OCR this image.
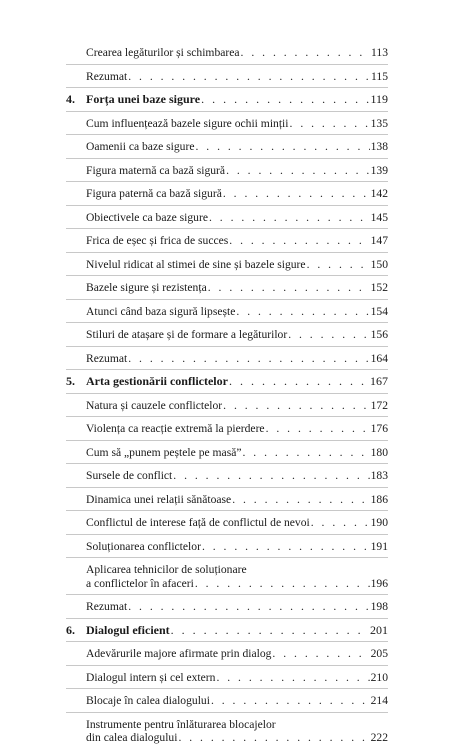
Crearea legăturilor și schimbarea . . .	113
Rezumat . . .	115
4. Forța unei baze sigure . . .	119
Cum influențează bazele sigure ochii minții . . .	135
Oamenii ca baze sigure . . .	138
Figura maternă ca bază sigură . . .	139
Figura paternă ca bază sigură . . .	142
Obiectivele ca baze sigure . . .	145
Frica de eșec și frica de succes . . .	147
Nivelul ridicat al stimei de sine și bazele sigure . . .	150
Bazele sigure și rezistența . . .	152
Atunci când baza sigură lipsește . . .	154
Stiluri de atașare și de formare a legăturilor . . .	156
Rezumat . . .	164
5. Arta gestionării conflictelor . . .	167
Natura și cauzele conflictelor . . .	172
Violența ca reacție extremă la pierdere . . .	176
Cum să „punem peștele pe masă” . . .	180
Sursele de conflict . . .	183
Dinamica unei relații sănătoase . . .	186
Conflictul de interese față de conflictul de nevoi . . .	190
Soluționarea conflictelor . . .	191
Aplicarea tehnicilor de soluționare
a conflictelor în afaceri . . .	196
Rezumat . . .	198
6. Dialogul eficient . . .	201
Adevărurile majore afirmate prin dialog . . .	205
Dialogul intern și cel extern . . .	210
Blocaje în calea dialogului . . .	214
Instrumente pentru înlăturarea blocajelor
din calea dialogului . . .	222
